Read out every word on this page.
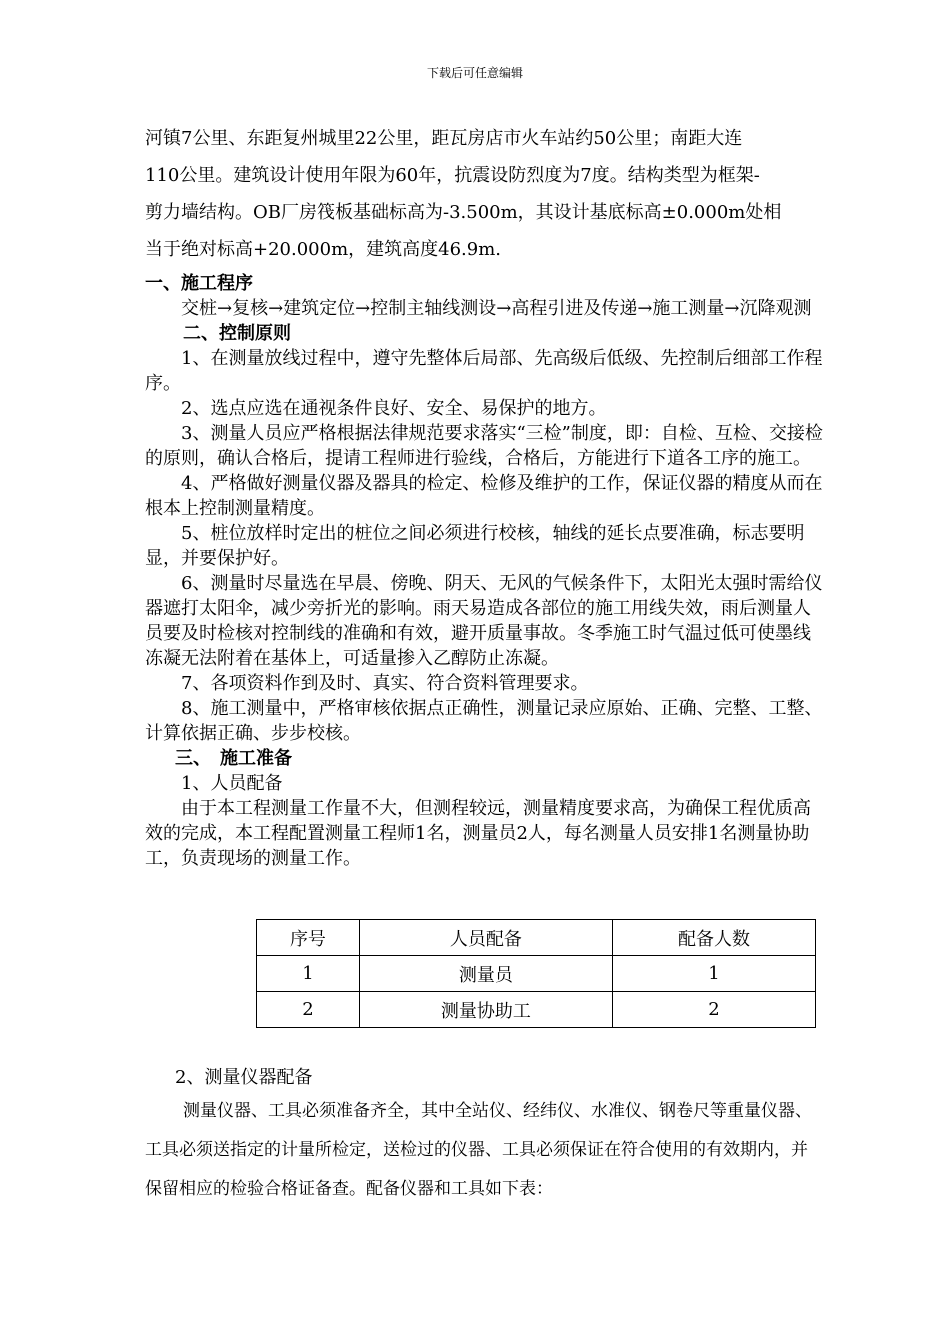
下载后可任意编辑

河镇7公里、东距复州城里22公里，距瓦房店市火车站约50公里；南距大连

110公里。建筑设计使用年限为60年，抗震设防烈度为7度。结构类型为框架-

剪力墙结构。OB厂房筏板基础标高为-3.500m，其设计基底标高±0.000m处相

当于绝对标高+20.000m，建筑高度46.9m.

一、施工程序

交桩→复核→建筑定位→控制主轴线测设→高程引进及传递→施工测量→沉降观测

二、控制原则

1、在测量放线过程中，遵守先整体后局部、先高级后低级、先控制后细部工作程序。

2、选点应选在通视条件良好、安全、易保护的地方。

3、测量人员应严格根据法律规范要求落实“三检”制度，即：自检、互检、交接检的原则，确认合格后，提请工程师进行验线，合格后，方能进行下道各工序的施工。

4、严格做好测量仪器及器具的检定、检修及维护的工作，保证仪器的精度从而在根本上控制测量精度。

5、桩位放样时定出的桩位之间必须进行校核，轴线的延长点要准确，标志要明显，并要保护好。

6、测量时尽量选在早晨、傍晚、阴天、无风的气候条件下，太阳光太强时需给仪器遮打太阳伞，减少旁折光的影响。雨天易造成各部位的施工用线失效，雨后测量人员要及时检核对控制线的准确和有效，避开质量事故。冬季施工时气温过低可使墨线冻凝无法附着在基体上，可适量掺入乙醇防止冻凝。

7、各项资料作到及时、真实、符合资料管理要求。

8、施工测量中，严格审核依据点正确性，测量记录应原始、正确、完整、工整、计算依据正确、步步校核。

三、　施工准备

1、人员配备

由于本工程测量工作量不大，但测程较远，测量精度要求高，为确保工程优质高效的完成，本工程配置测量工程师1名，测量员2人，每名测量人员安排1名测量协助工，负责现场的测量工作。

序号	人员配备	配备人数
1	测量员	1
2	测量协助工	2

2、测量仪器配备

测量仪器、工具必须准备齐全，其中全站仪、经纬仪、水准仪、钢卷尺等重量仪器、

工具必须送指定的计量所检定，送检过的仪器、工具必须保证在符合使用的有效期内，并

保留相应的检验合格证备查。配备仪器和工具如下表：
